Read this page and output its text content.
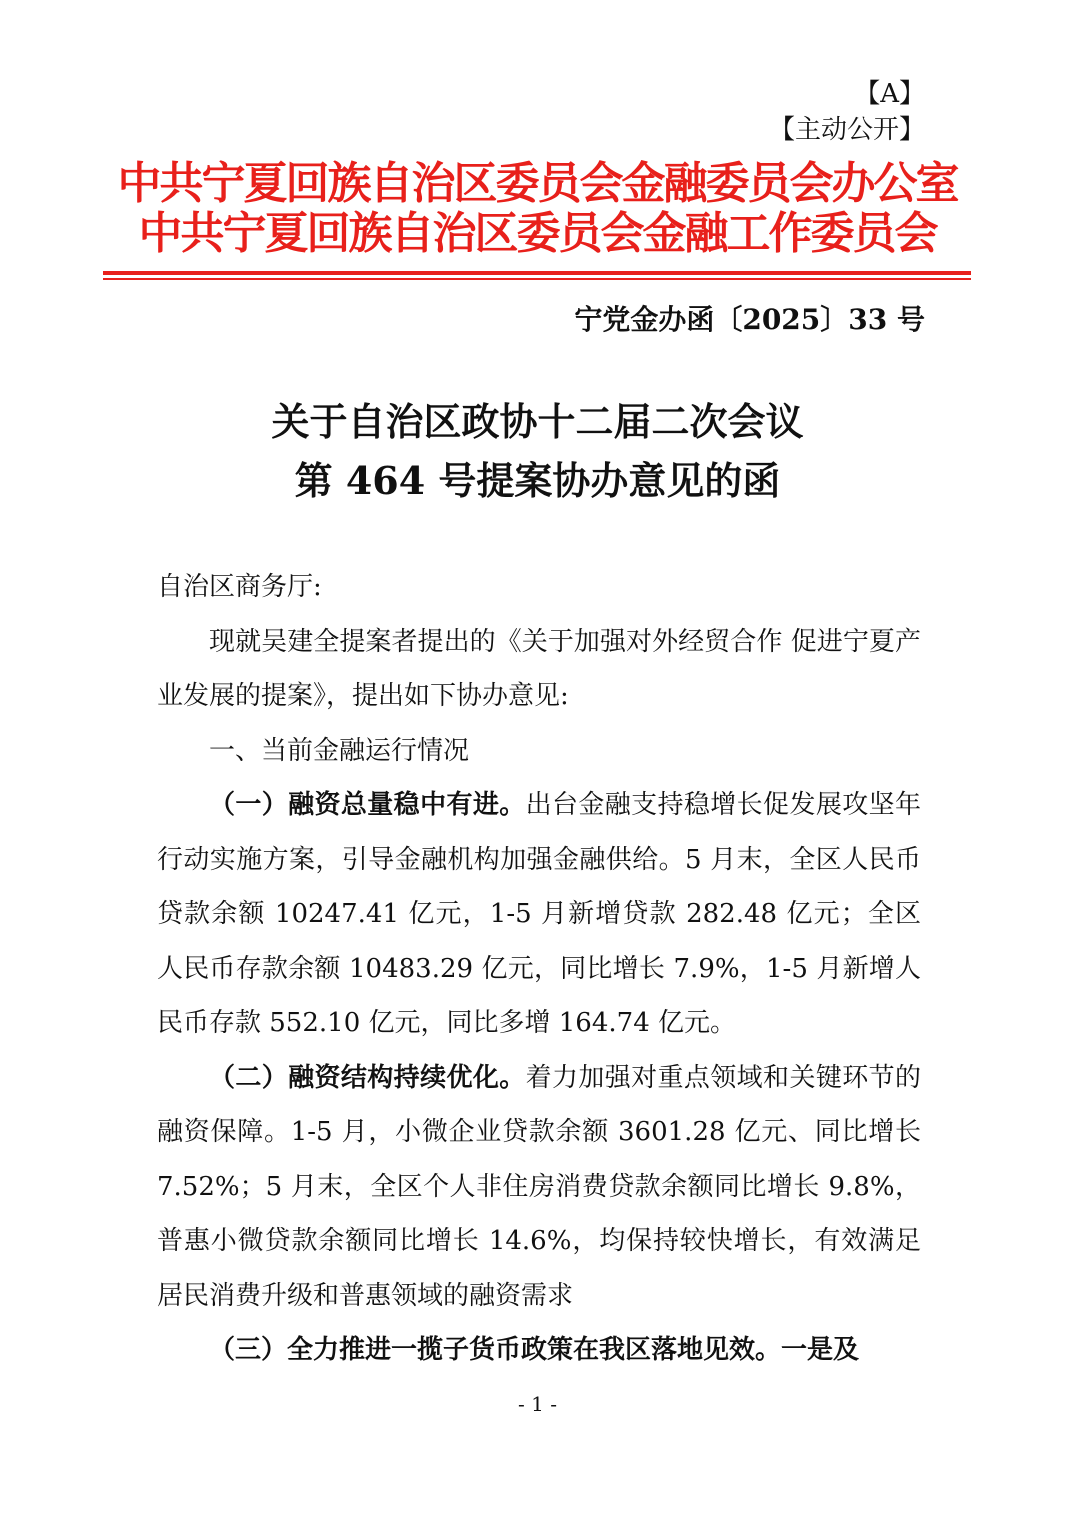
【A】
【主动公开】
中共宁夏回族自治区委员会金融委员会办公室
中共宁夏回族自治区委员会金融工作委员会
宁党金办函〔2025〕33 号
关于自治区政协十二届二次会议
第 464 号提案协办意见的函

自治区商务厅:

现就吴建全提案者提出的《关于加强对外经贸合作 促进宁夏产业发展的提案》，提出如下协办意见:

一、当前金融运行情况

（一）融资总量稳中有进。出台金融支持稳增长促发展攻坚年行动实施方案，引导金融机构加强金融供给。5 月末，全区人民币贷款余额 10247.41 亿元，1-5 月新增贷款 282.48 亿元；全区人民币存款余额 10483.29 亿元，同比增长 7.9%，1-5 月新增人民币存款 552.10 亿元，同比多增 164.74 亿元。

（二）融资结构持续优化。着力加强对重点领域和关键环节的融资保障。1-5 月，小微企业贷款余额 3601.28 亿元、同比增长 7.52%；5 月末，全区个人非住房消费贷款余额同比增长 9.8%，普惠小微贷款余额同比增长 14.6%，均保持较快增长，有效满足居民消费升级和普惠领域的融资需求

（三）全力推进一揽子货币政策在我区落地见效。一是及

- 1 -
